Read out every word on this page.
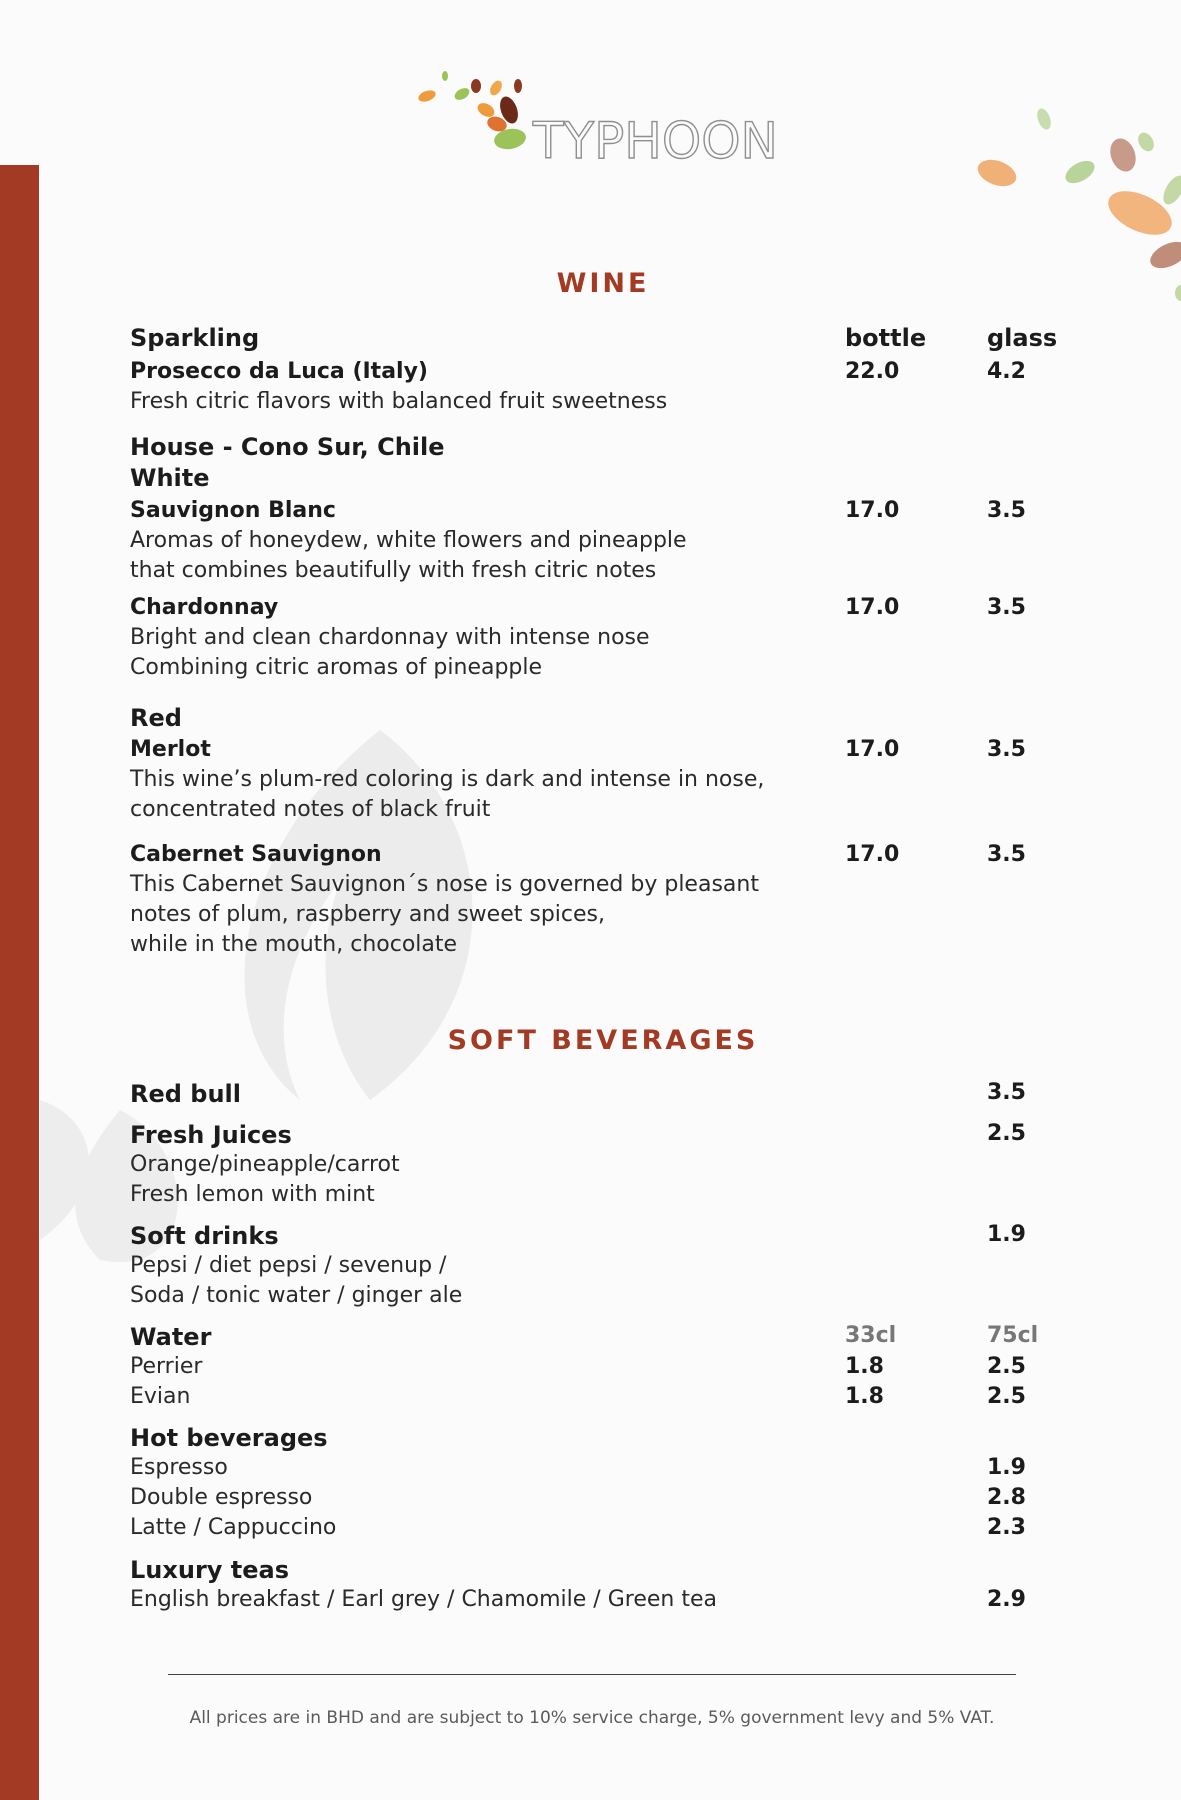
TYPHOON
WINE
Sparkling	bottle	glass
Prosecco da Luca (Italy)	22.0	4.2
Fresh citric flavors with balanced fruit sweetness
House - Cono Sur, Chile
White
Sauvignon Blanc	17.0	3.5
Aromas of honeydew, white flowers and pineapple
that combines beautifully with fresh citric notes
Chardonnay	17.0	3.5
Bright and clean chardonnay with intense nose
Combining citric aromas of pineapple
Red
Merlot	17.0	3.5
This wine’s plum-red coloring is dark and intense in nose,
concentrated notes of black fruit
Cabernet Sauvignon	17.0	3.5
This Cabernet Sauvignon´s nose is governed by pleasant
notes of plum, raspberry and sweet spices,
while in the mouth, chocolate
SOFT BEVERAGES
Red bull	3.5
Fresh Juices	2.5
Orange/pineapple/carrot
Fresh lemon with mint
Soft drinks	1.9
Pepsi / diet pepsi / sevenup /
Soda / tonic water / ginger ale
Water	33cl	75cl
Perrier	1.8	2.5
Evian	1.8	2.5
Hot beverages
Espresso	1.9
Double espresso	2.8
Latte / Cappuccino	2.3
Luxury teas
English breakfast / Earl grey / Chamomile / Green tea	2.9
All prices are in BHD and are subject to 10% service charge, 5% government levy and 5% VAT.
